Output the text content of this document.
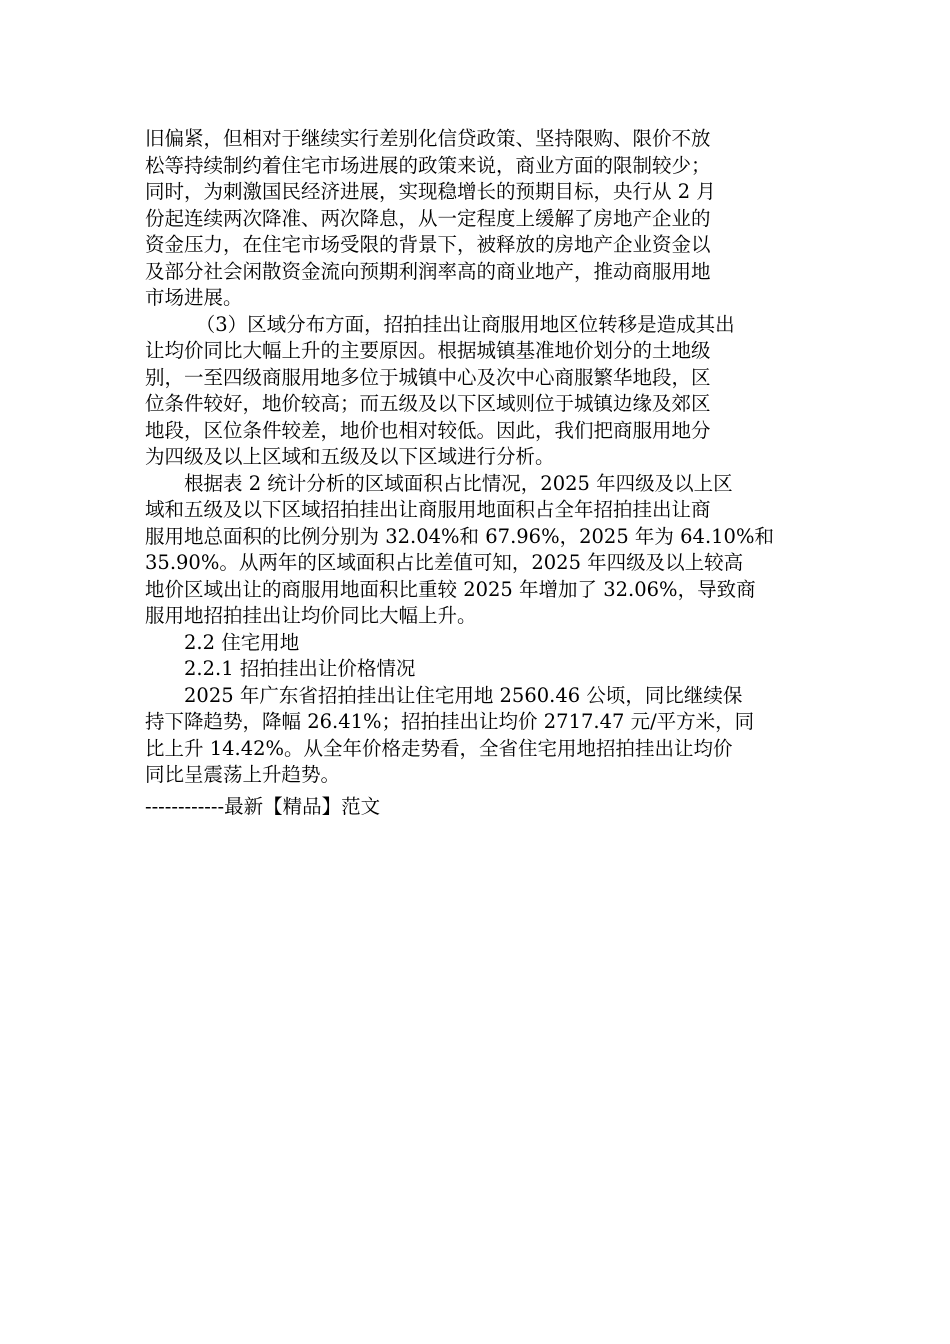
旧偏紧，但相对于继续实行差别化信贷政策、坚持限购、限价不放
松等持续制约着住宅市场进展的政策来说，商业方面的限制较少；
同时，为刺激国民经济进展，实现稳增长的预期目标，央行从 2 月
份起连续两次降准、两次降息，从一定程度上缓解了房地产企业的
资金压力，在住宅市场受限的背景下，被释放的房地产企业资金以
及部分社会闲散资金流向预期利润率高的商业地产，推动商服用地
市场进展。

（3）区域分布方面，招拍挂出让商服用地区位转移是造成其出
让均价同比大幅上升的主要原因。根据城镇基准地价划分的土地级
别，一至四级商服用地多位于城镇中心及次中心商服繁华地段，区
位条件较好，地价较高；而五级及以下区域则位于城镇边缘及郊区
地段，区位条件较差，地价也相对较低。因此，我们把商服用地分
为四级及以上区域和五级及以下区域进行分析。

根据表 2 统计分析的区域面积占比情况，2025 年四级及以上区
域和五级及以下区域招拍挂出让商服用地面积占全年招拍挂出让商
服用地总面积的比例分别为 32.04%和 67.96%，2025 年为 64.10%和
35.90%。从两年的区域面积占比差值可知，2025 年四级及以上较高
地价区域出让的商服用地面积比重较 2025 年增加了 32.06%，导致商
服用地招拍挂出让均价同比大幅上升。

2.2 住宅用地

2.2.1 招拍挂出让价格情况

2025 年广东省招拍挂出让住宅用地 2560.46 公顷，同比继续保
持下降趋势，降幅 26.41%；招拍挂出让均价 2717.47 元/平方米，同
比上升 14.42%。从全年价格走势看，全省住宅用地招拍挂出让均价
同比呈震荡上升趋势。

------------最新【精品】范文
